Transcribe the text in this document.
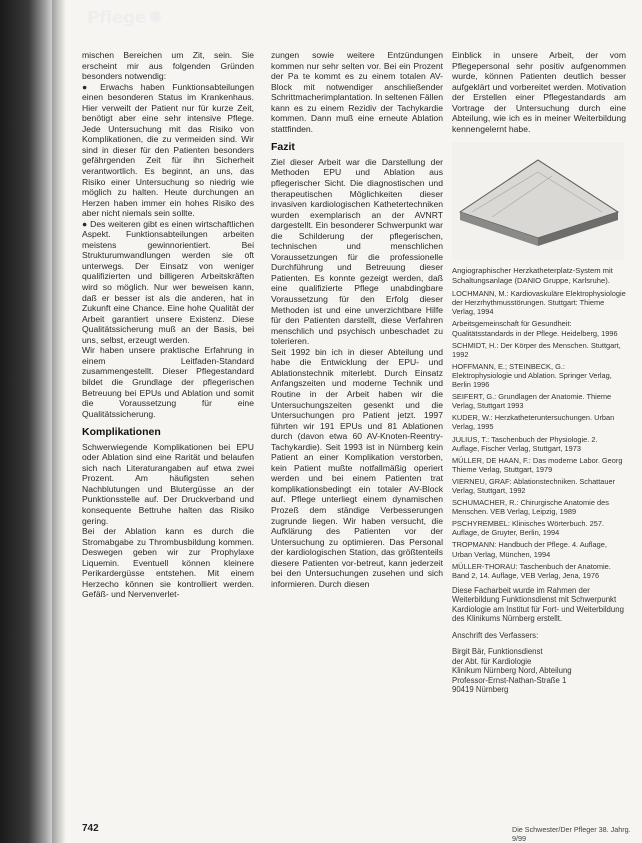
Pflege

mischen Bereichen um Zit, sein. Sie erscheint mir aus folgenden Gründen besonders notwendig:

● Erwachs haben Funktionsabteilungen einen besonderen Status im Krankenhaus. Hier verweilt der Patient nur für kurze Zeit, benötigt aber eine sehr intensive Pflege. Jede Untersuchung mit das Risiko von Komplikationen, die zu vermeiden sind. Wir sind in dieser für den Patienten besonders gefährgenden Zeit für ihn Sicherheit verantwortlich. Es beginnt, an uns, das Risiko einer Untersuchung so niedrig wie möglich zu halten. Heute durchungen an Herzen haben immer ein hohes Risiko des aber nicht niemals sein sollte.

● Des weiteren gibt es einen wirtschaftlichen Aspekt. Funktionsabteilungen arbeiten meistens gewinnorientiert. Bei Strukturumwandlungen werden sie oft unterwegs. Der Einsatz von weniger qualifizierten und billigeren Arbeitskräften wird so möglich. Nur wer beweisen kann, daß er besser ist als die anderen, hat in Zukunft eine Chance. Eine hohe Qualität der Arbeit garantiert unsere Existenz. Diese Qualitätssicherung muß an der Basis, bei uns, selbst, erzeugt werden.

Wir haben unsere praktische Erfahrung in einem Leitfaden-Standard zusammengestellt. Dieser Pflegestandard bildet die Grundlage der pflegerischen Betreuung bei EPUs und Ablation und somit die Voraussetzung für eine Qualitätssicherung.

Komplikationen

Schwerwiegende Komplikationen bei EPU oder Ablation sind eine Rarität und belaufen sich nach Literaturangaben auf etwa zwei Prozent. Am häufigsten sehen Nachblutungen und Blutergüsse an der Punktionsstelle auf. Der Druckverband und konsequente Bettruhe halten das Risiko gering.

Bei der Ablation kann es durch die Stromabgabe zu Thrombusbildung kommen. Deswegen geben wir zur Prophylaxe Liquemin. Eventuell können kleinere Perikardergüsse entstehen. Mit einem Herzecho können sie kontrolliert werden. Gefäß- und Nervenverlet-

zungen sowie weitere Entzündungen kommen nur sehr selten vor. Bei ein Prozent der Pa te kommt es zu einem totalen AV-Block mit notwendiger anschließender Schrittmacherimplantation. In seltenen Fällen kann es zu einem Rezidiv der Tachykardie kommen. Dann muß eine erneute Ablation stattfinden.

Fazit

Ziel dieser Arbeit war die Darstellung der Methoden EPU und Ablation aus pflegerischer Sicht. Die diagnostischen und therapeutischen Möglichkeiten dieser invasiven kardiologischen Kathetertechniken wurden exemplarisch an der AVNRT dargestellt. Ein besonderer Schwerpunkt war die Schilderung der pflegerischen, technischen und menschlichen Voraussetzungen für die professionelle Durchführung und Betreuung dieser Patienten. Es konnte gezeigt werden, daß eine qualifizierte Pflege unabdingbare Voraussetzung für den Erfolg dieser Methoden ist und eine unverzichtbare Hilfe für den Patienten darstellt, diese Verfahren menschlich und psychisch unbeschadet zu tolerieren.

Seit 1992 bin ich in dieser Abteilung und habe die Entwicklung der EPU- und Ablationstechnik miterlebt. Durch Einsatz Anfangszeiten und moderne Technik und Routine in der Arbeit haben wir die Untersuchungszeiten gesenkt und die Untersuchungen pro Patient jetzt. 1997 führten wir 191 EPUs und 81 Ablationen durch (davon etwa 60 AV-Knoten-Reentry-Tachykardie). Seit 1993 ist in Nürnberg kein Patient an einer Komplikation verstorben, kein Patient mußte notfallmäßig operiert werden und bei einem Patienten trat komplikationsbedingt ein totaler AV-Block auf. Pflege unterliegt einem dynamischen Prozeß dem ständige Verbesserungen zugrunde liegen. Wir haben versucht, die Aufklärung des Patienten vor der Untersuchung zu optimieren. Das Personal der kardiologischen Station, das größtenteils diesere Patienten vor-betreut, kann jederzeit bei den Untersuchungen zusehen und sich informieren. Durch diesen

Einblick in unsere Arbeit, der vom Pflegepersonal sehr positiv aufgenommen wurde, können Patienten deutlich besser aufgeklärt und vorbereitet werden. Motivation der Erstellen einer Pflegestandards am Vortrage der Untersuchung durch eine Abteilung, wie ich es in meiner Weiterbildung kennengelernt habe.

Angiographischer Herzkatheterplatz-System mit Schaltungsanlage (DANIO Gruppe, Karlsruhe).
LOCHMANN, M.: Kardiovaskuläre Elektrophysiologie der Herzrhythmusstörungen. Stuttgart: Thieme Verlag, 1994
Arbeitsgemeinschaft für Gesundheit: Qualitätsstandards in der Pflege. Heidelberg, 1996
SCHMIDT, H.: Der Körper des Menschen. Stuttgart, 1992
HOFFMANN, E.; STEINBECK, G.: Elektrophysiologie und Ablation. Springer Verlag, Berlin 1996
SEIFERT, G.: Grundlagen der Anatomie. Thieme Verlag, Stuttgart 1993
KUDER, W.: Herzkatheteruntersuchungen. Urban Verlag, 1995
JULIUS, T.: Taschenbuch der Physiologie. 2. Auflage, Fischer Verlag, Stuttgart, 1973
MÜLLER, DE HAAN, F.: Das moderne Labor. Georg Thieme Verlag, Stuttgart, 1979
VIERNEU, GRAF: Ablationstechniken. Schattauer Verlag, Stuttgart, 1992
SCHUMACHER, R.: Chirurgische Anatomie des Menschen. VEB Verlag, Leipzig, 1989
PSCHYREMBEL: Klinisches Wörterbuch. 257. Auflage, de Gruyter, Berlin, 1994
TROPMANN: Handbuch der Pflege. 4. Auflage, Urban Verlag, München, 1994
MÜLLER-THORAU: Taschenbuch der Anatomie. Band 2, 14. Auflage, VEB Verlag, Jena, 1976
Diese Facharbeit wurde im Rahmen der Weiterbildung Funktionsdienst mit Schwerpunkt Kardiologie am Institut für Fort- und Weiterbildung des Klinikums Nürnberg erstellt.
Anschrift des Verfassers:
Birgit Bär, Funktionsdienst
der Abt. für Kardiologie
Klinikum Nürnberg Nord, Abteilung
Professor-Ernst-Nathan-Straße 1
90419 Nürnberg
742	Die Schwester/Der Pfleger 38. Jahrg. 9/99
